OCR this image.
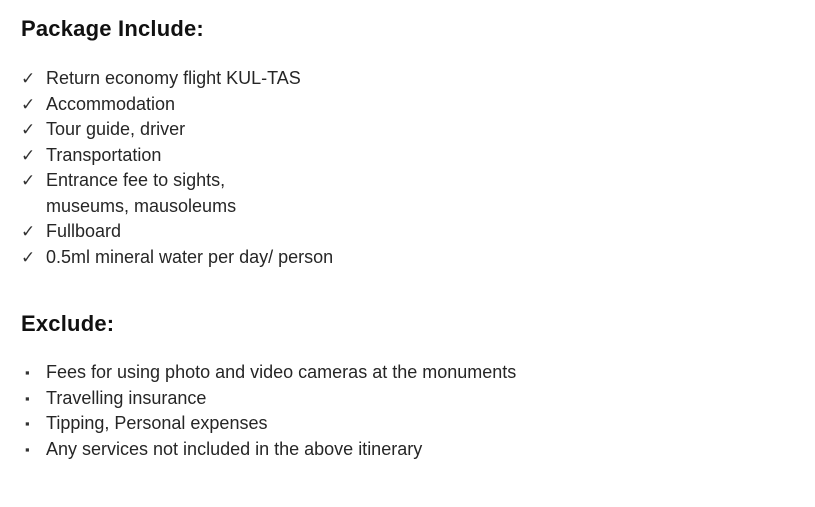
Package Include:
✓ Return economy flight KUL-TAS
✓ Accommodation
✓ Tour guide, driver
✓ Transportation
✓ Entrance fee to sights,
museums, mausoleums
✓ Fullboard
✓ 0.5ml mineral water per day/ person
Exclude:
▪ Fees for using photo and video cameras at the monuments
▪ Travelling insurance
▪ Tipping, Personal expenses
▪ Any services not included in the above itinerary
